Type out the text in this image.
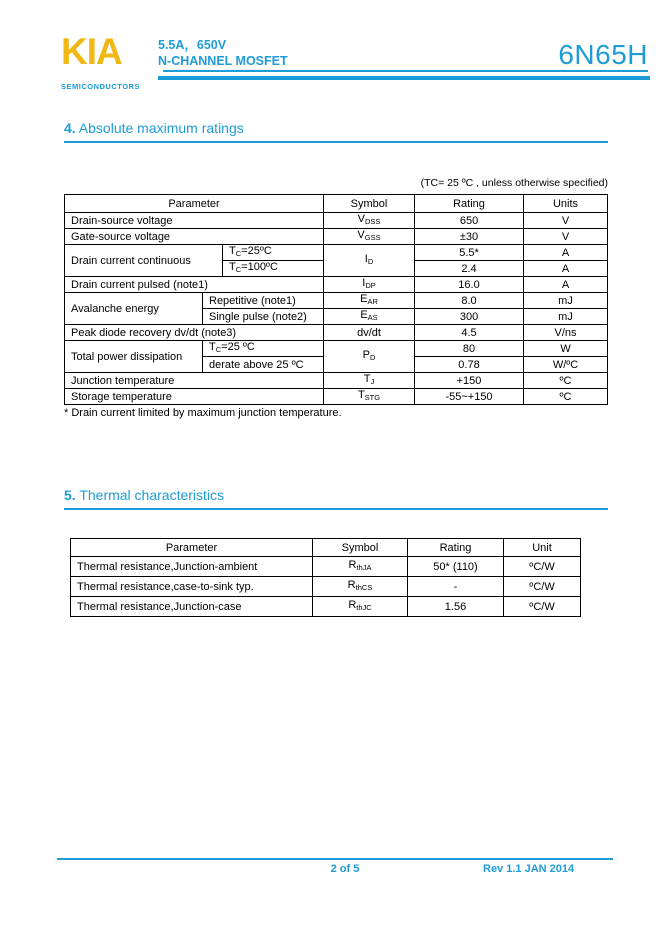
KIA
SEMICONDUCTORS
5.5A，650V
N-CHANNEL MOSFET	6N65H
4. Absolute maximum ratings
(TC= 25 ºC , unless otherwise specified)
Parameter			Symbol	Rating	Units
Drain-source voltage			VDSS	650	V
Gate-source voltage			VGSS	±30	V
Drain current continuous		TC=25ºC	ID	5.5*	A
		TC=100ºC		2.4	A
Drain current pulsed (note1)			IDP	16.0	A
Avalanche energy	Repetitive (note1)		EAR	8.0	mJ
	Single pulse (note2)		EAS	300	mJ
Peak diode recovery dv/dt (note3)			dv/dt	4.5	V/ns
Total power dissipation	TC=25 ºC		PD	80	W
	derate above 25 ºC			0.78	W/ºC
Junction temperature			TJ	+150	ºC
Storage temperature			TSTG	-55~+150	ºC
* Drain current limited by maximum junction temperature.
5. Thermal characteristics
Parameter	Symbol	Rating	Unit
Thermal resistance,Junction-ambient	RthJA	50* (110)	ºC/W
Thermal resistance,case-to-sink typ.	RthCS	-	ºC/W
Thermal resistance,Junction-case	RthJC	1.56	ºC/W
2 of 5	Rev 1.1 JAN 2014
